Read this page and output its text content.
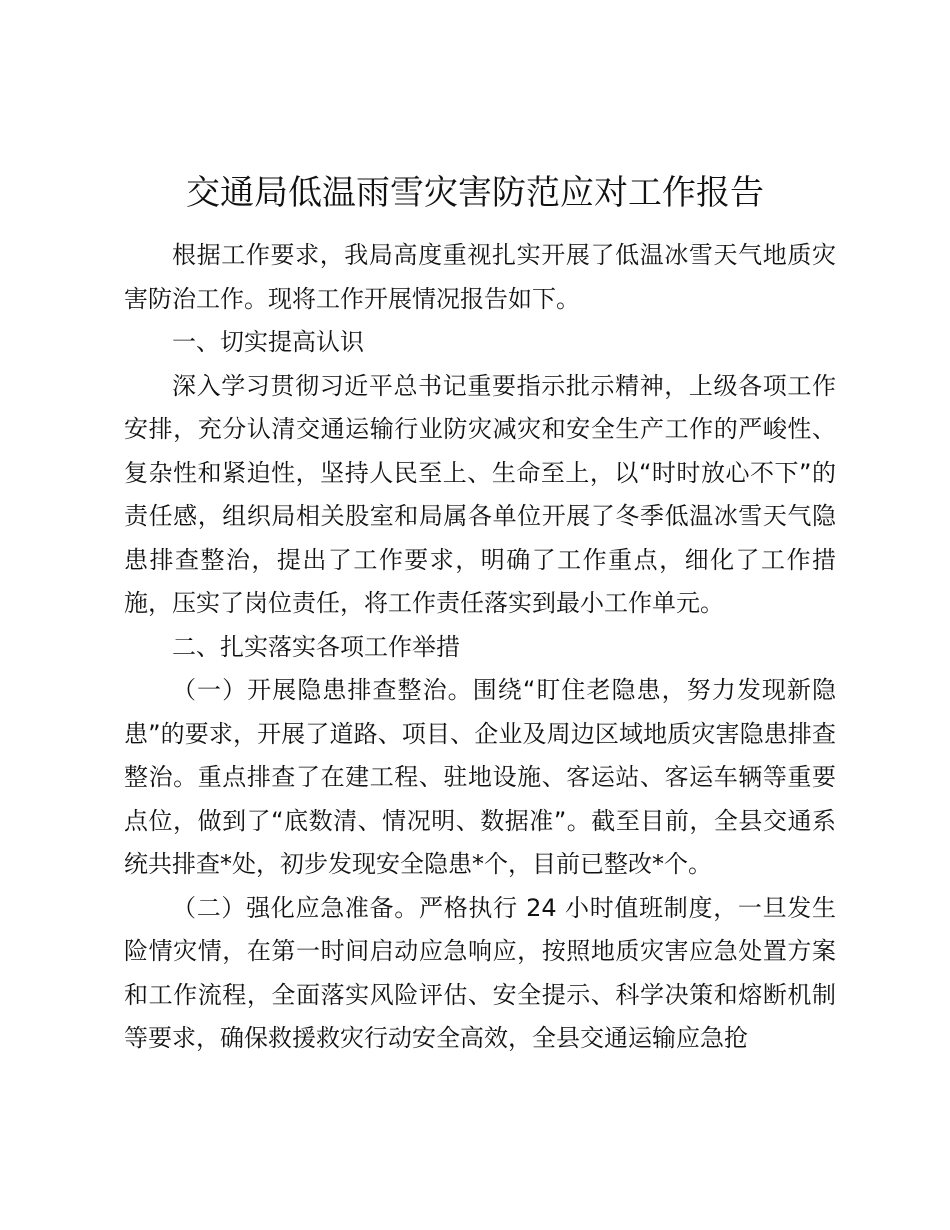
交通局低温雨雪灾害防范应对工作报告

根据工作要求，我局高度重视扎实开展了低温冰雪天气地质灾害防治工作。现将工作开展情况报告如下。

一、切实提高认识

深入学习贯彻习近平总书记重要指示批示精神，上级各项工作安排，充分认清交通运输行业防灾减灾和安全生产工作的严峻性、复杂性和紧迫性，坚持人民至上、生命至上，以“时时放心不下”的责任感，组织局相关股室和局属各单位开展了冬季低温冰雪天气隐患排查整治，提出了工作要求，明确了工作重点，细化了工作措施，压实了岗位责任，将工作责任落实到最小工作单元。

二、扎实落实各项工作举措

（一）开展隐患排查整治。围绕“盯住老隐患，努力发现新隐患”的要求，开展了道路、项目、企业及周边区域地质灾害隐患排查整治。重点排查了在建工程、驻地设施、客运站、客运车辆等重要点位，做到了“底数清、情况明、数据准”。截至目前，全县交通系统共排查*处，初步发现安全隐患*个，目前已整改*个。

（二）强化应急准备。严格执行 24 小时值班制度，一旦发生险情灾情，在第一时间启动应急响应，按照地质灾害应急处置方案和工作流程，全面落实风险评估、安全提示、科学决策和熔断机制等要求，确保救援救灾行动安全高效，全县交通运输应急抢
